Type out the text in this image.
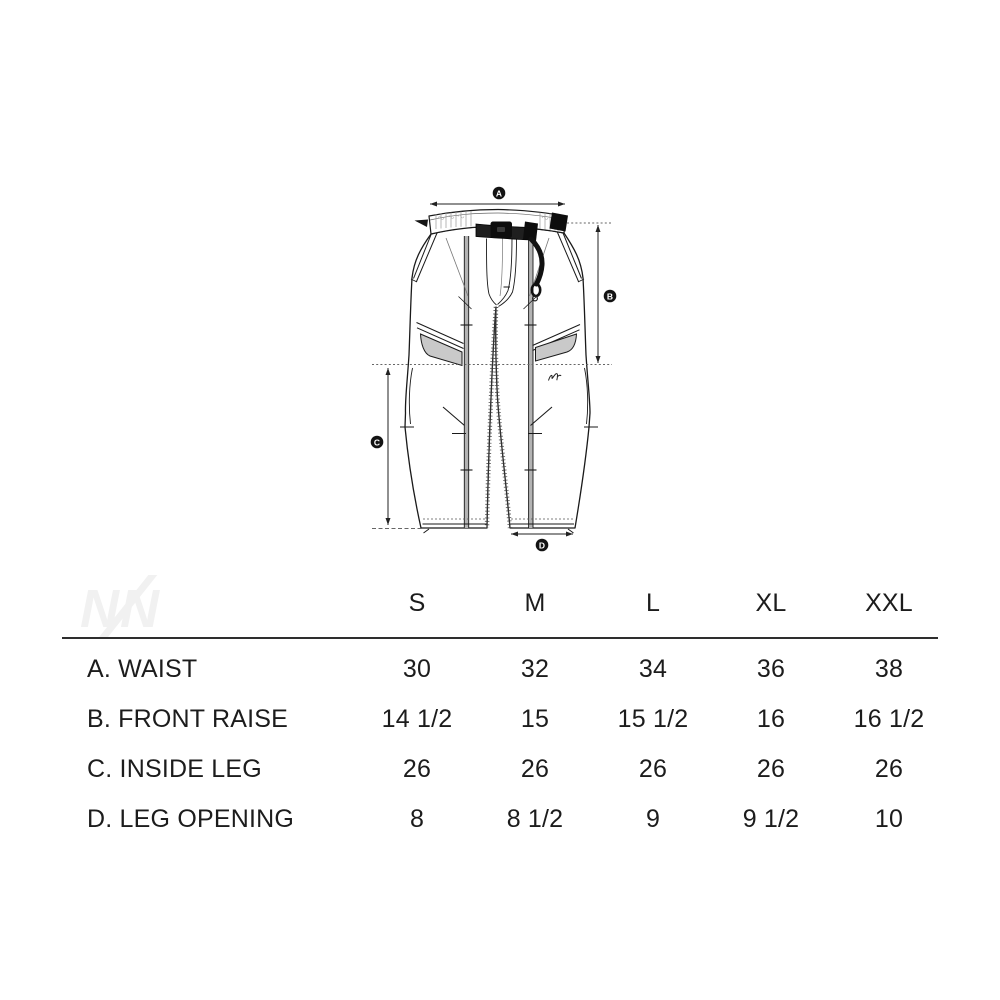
A
B
C
D
N N	S	M	L	XL	XXL
A. WAIST	30	32	34	36	38
B. FRONT RAISE	14 1/2	15	15 1/2	16	16 1/2
C. INSIDE LEG	26	26	26	26	26
D. LEG OPENING	8	8 1/2	9	9 1/2	10
